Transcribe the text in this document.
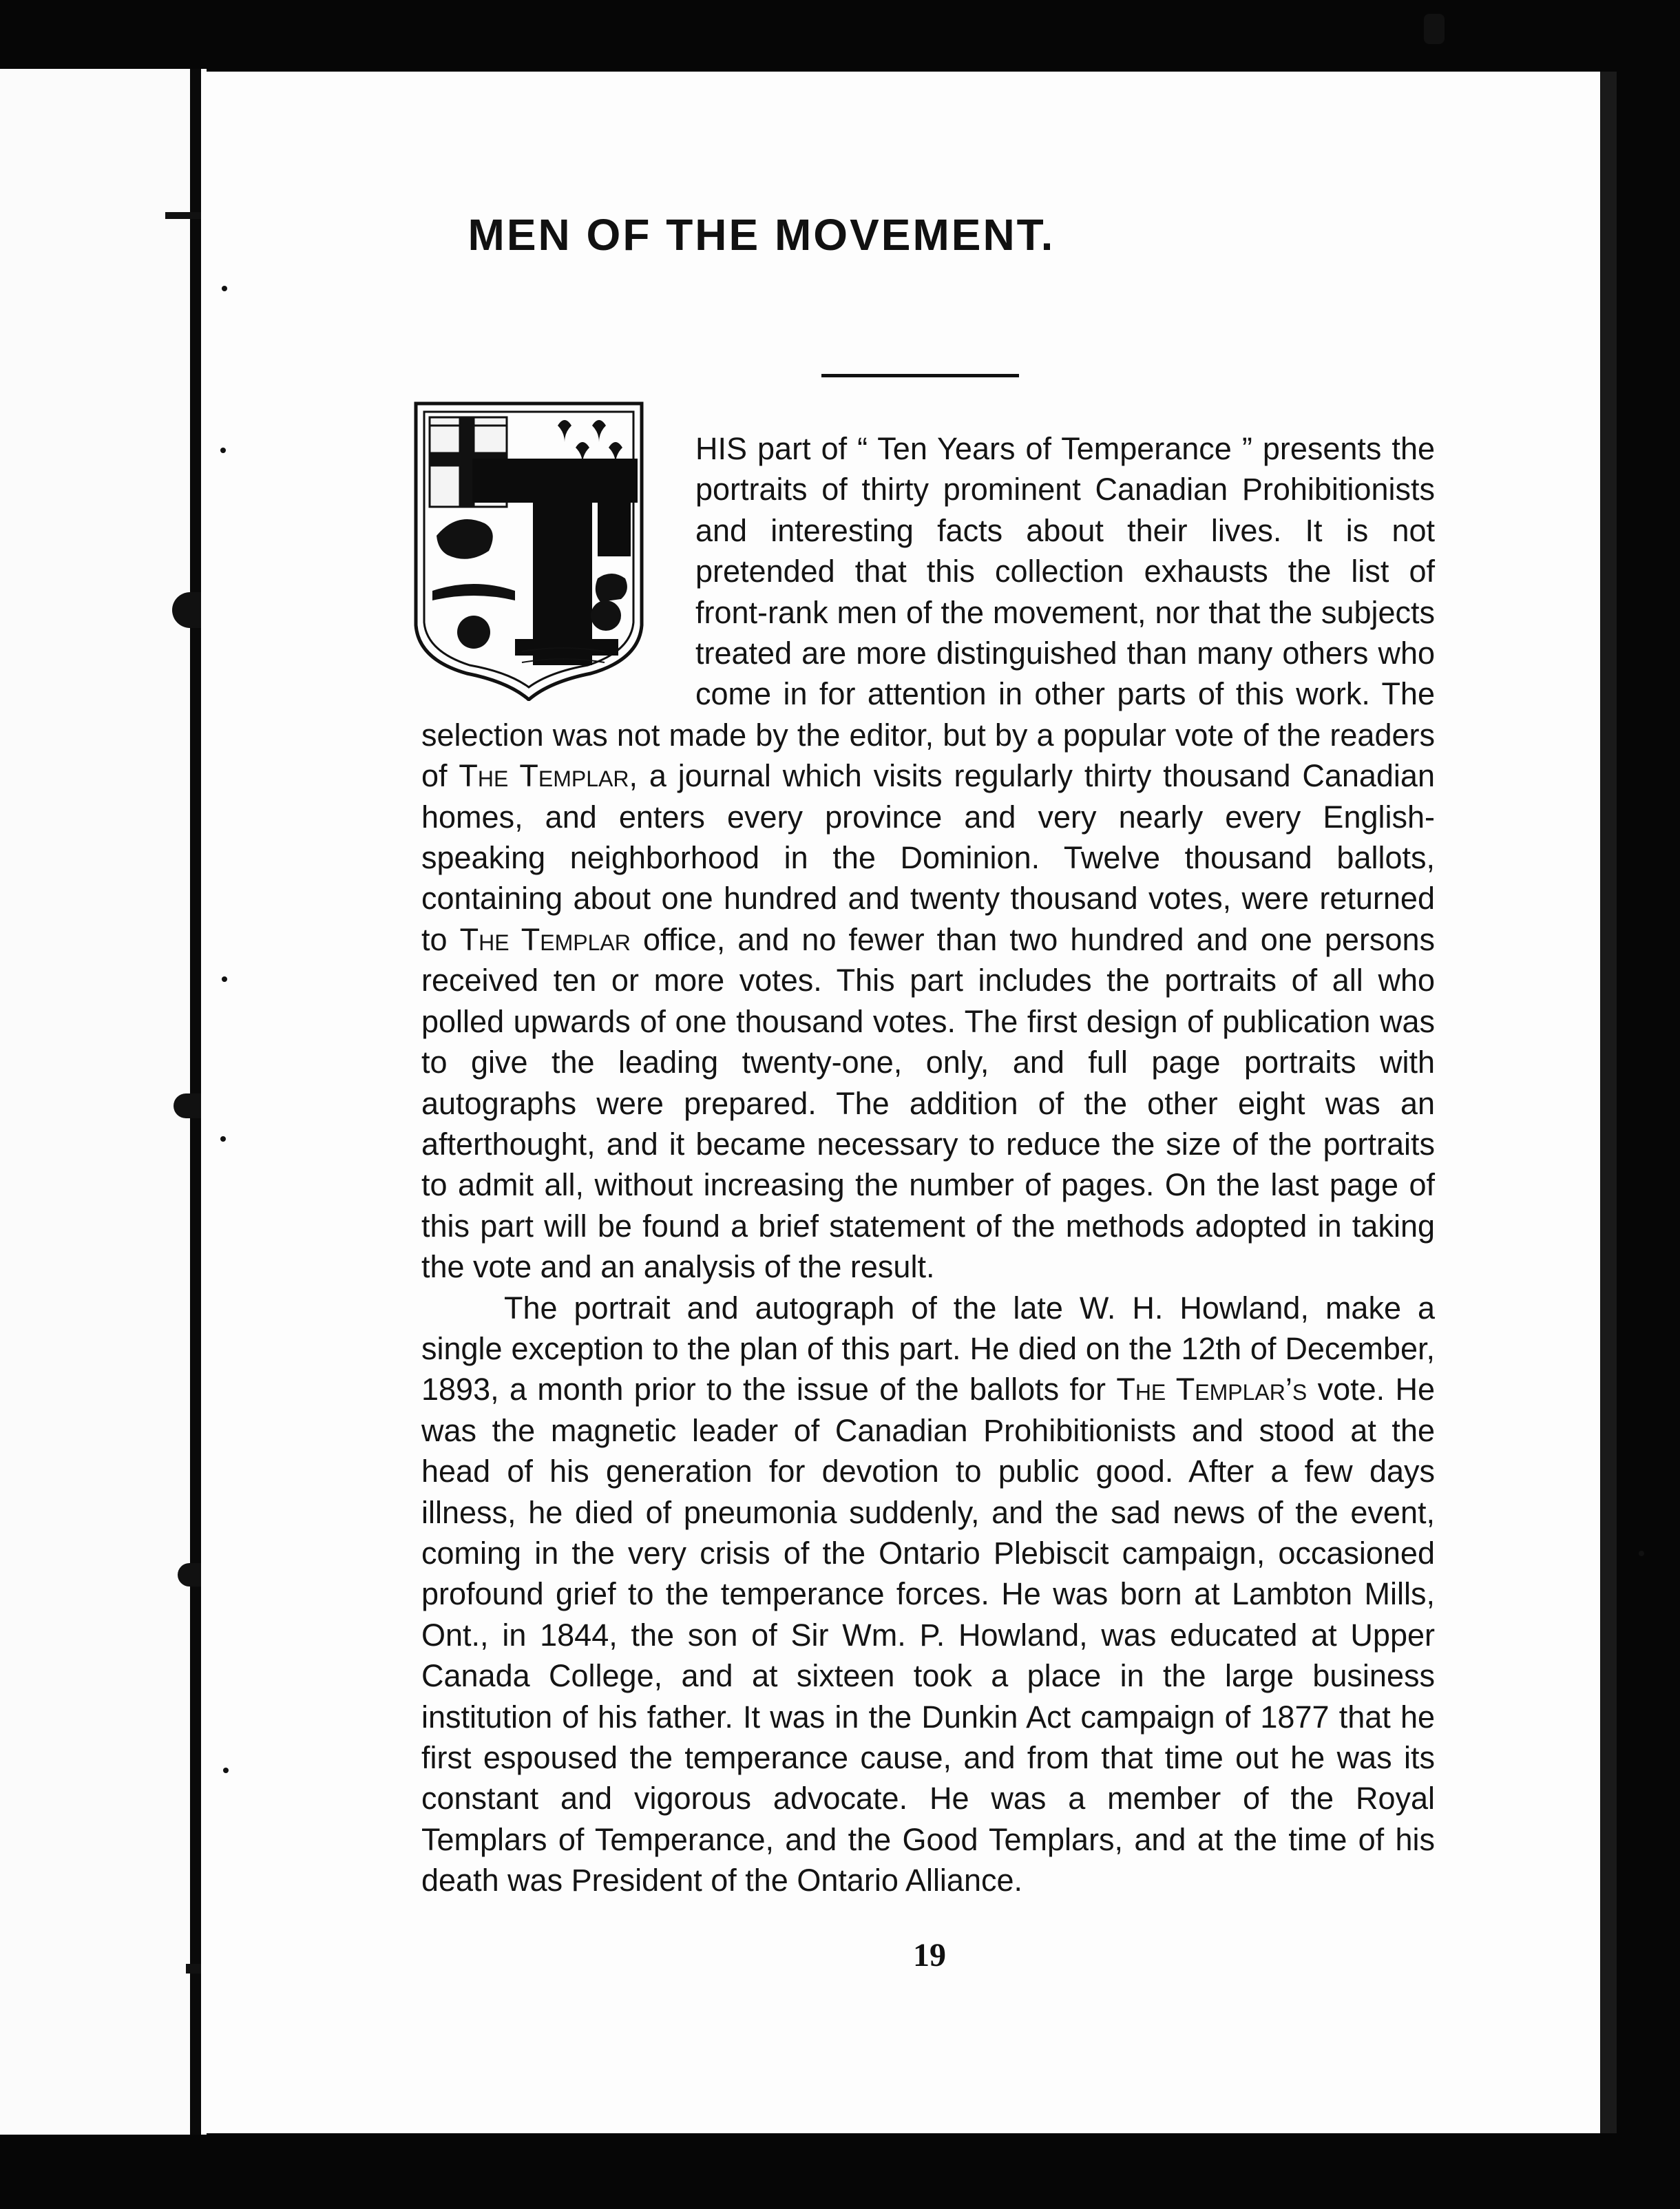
MEN OF THE MOVEMENT.

HIS part of “ Ten Years of Temperance ” presents the portraits of thirty prominent Canadian Prohibitionists and interesting facts about their lives. It is not pretended that this collection exhausts the list of front-rank men of the movement, nor that the subjects treated are more distinguished than many others who come in for attention in other parts of this work. The selection was not made by the editor, but by a popular vote of the readers of The Templar, a journal which visits regularly thirty thousand Canadian homes, and enters every province and very nearly every English-speaking neighborhood in the Dominion. Twelve thousand ballots, containing about one hundred and twenty thousand votes, were returned to The Templar office, and no fewer than two hundred and one persons received ten or more votes. This part includes the portraits of all who polled upwards of one thousand votes. The first design of publication was to give the leading twenty-one, only, and full page portraits with autographs were prepared. The addition of the other eight was an afterthought, and it became necessary to reduce the size of the portraits to admit all, without increasing the number of pages. On the last page of this part will be found a brief statement of the methods adopted in taking the vote and an analysis of the result.

The portrait and autograph of the late W. H. Howland, make a single exception to the plan of this part. He died on the 12th of December, 1893, a month prior to the issue of the ballots for The Templar’s vote. He was the magnetic leader of Canadian Prohibitionists and stood at the head of his generation for devotion to public good. After a few days illness, he died of pneumonia suddenly, and the sad news of the event, coming in the very crisis of the Ontario Plebiscit campaign, occasioned profound grief to the temperance forces. He was born at Lambton Mills, Ont., in 1844, the son of Sir Wm. P. Howland, was educated at Upper Canada College, and at sixteen took a place in the large business institution of his father. It was in the Dunkin Act campaign of 1877 that he first espoused the temperance cause, and from that time out he was its constant and vigorous advocate. He was a member of the Royal Templars of Temperance, and the Good Templars, and at the time of his death was President of the Ontario Alliance.

19
